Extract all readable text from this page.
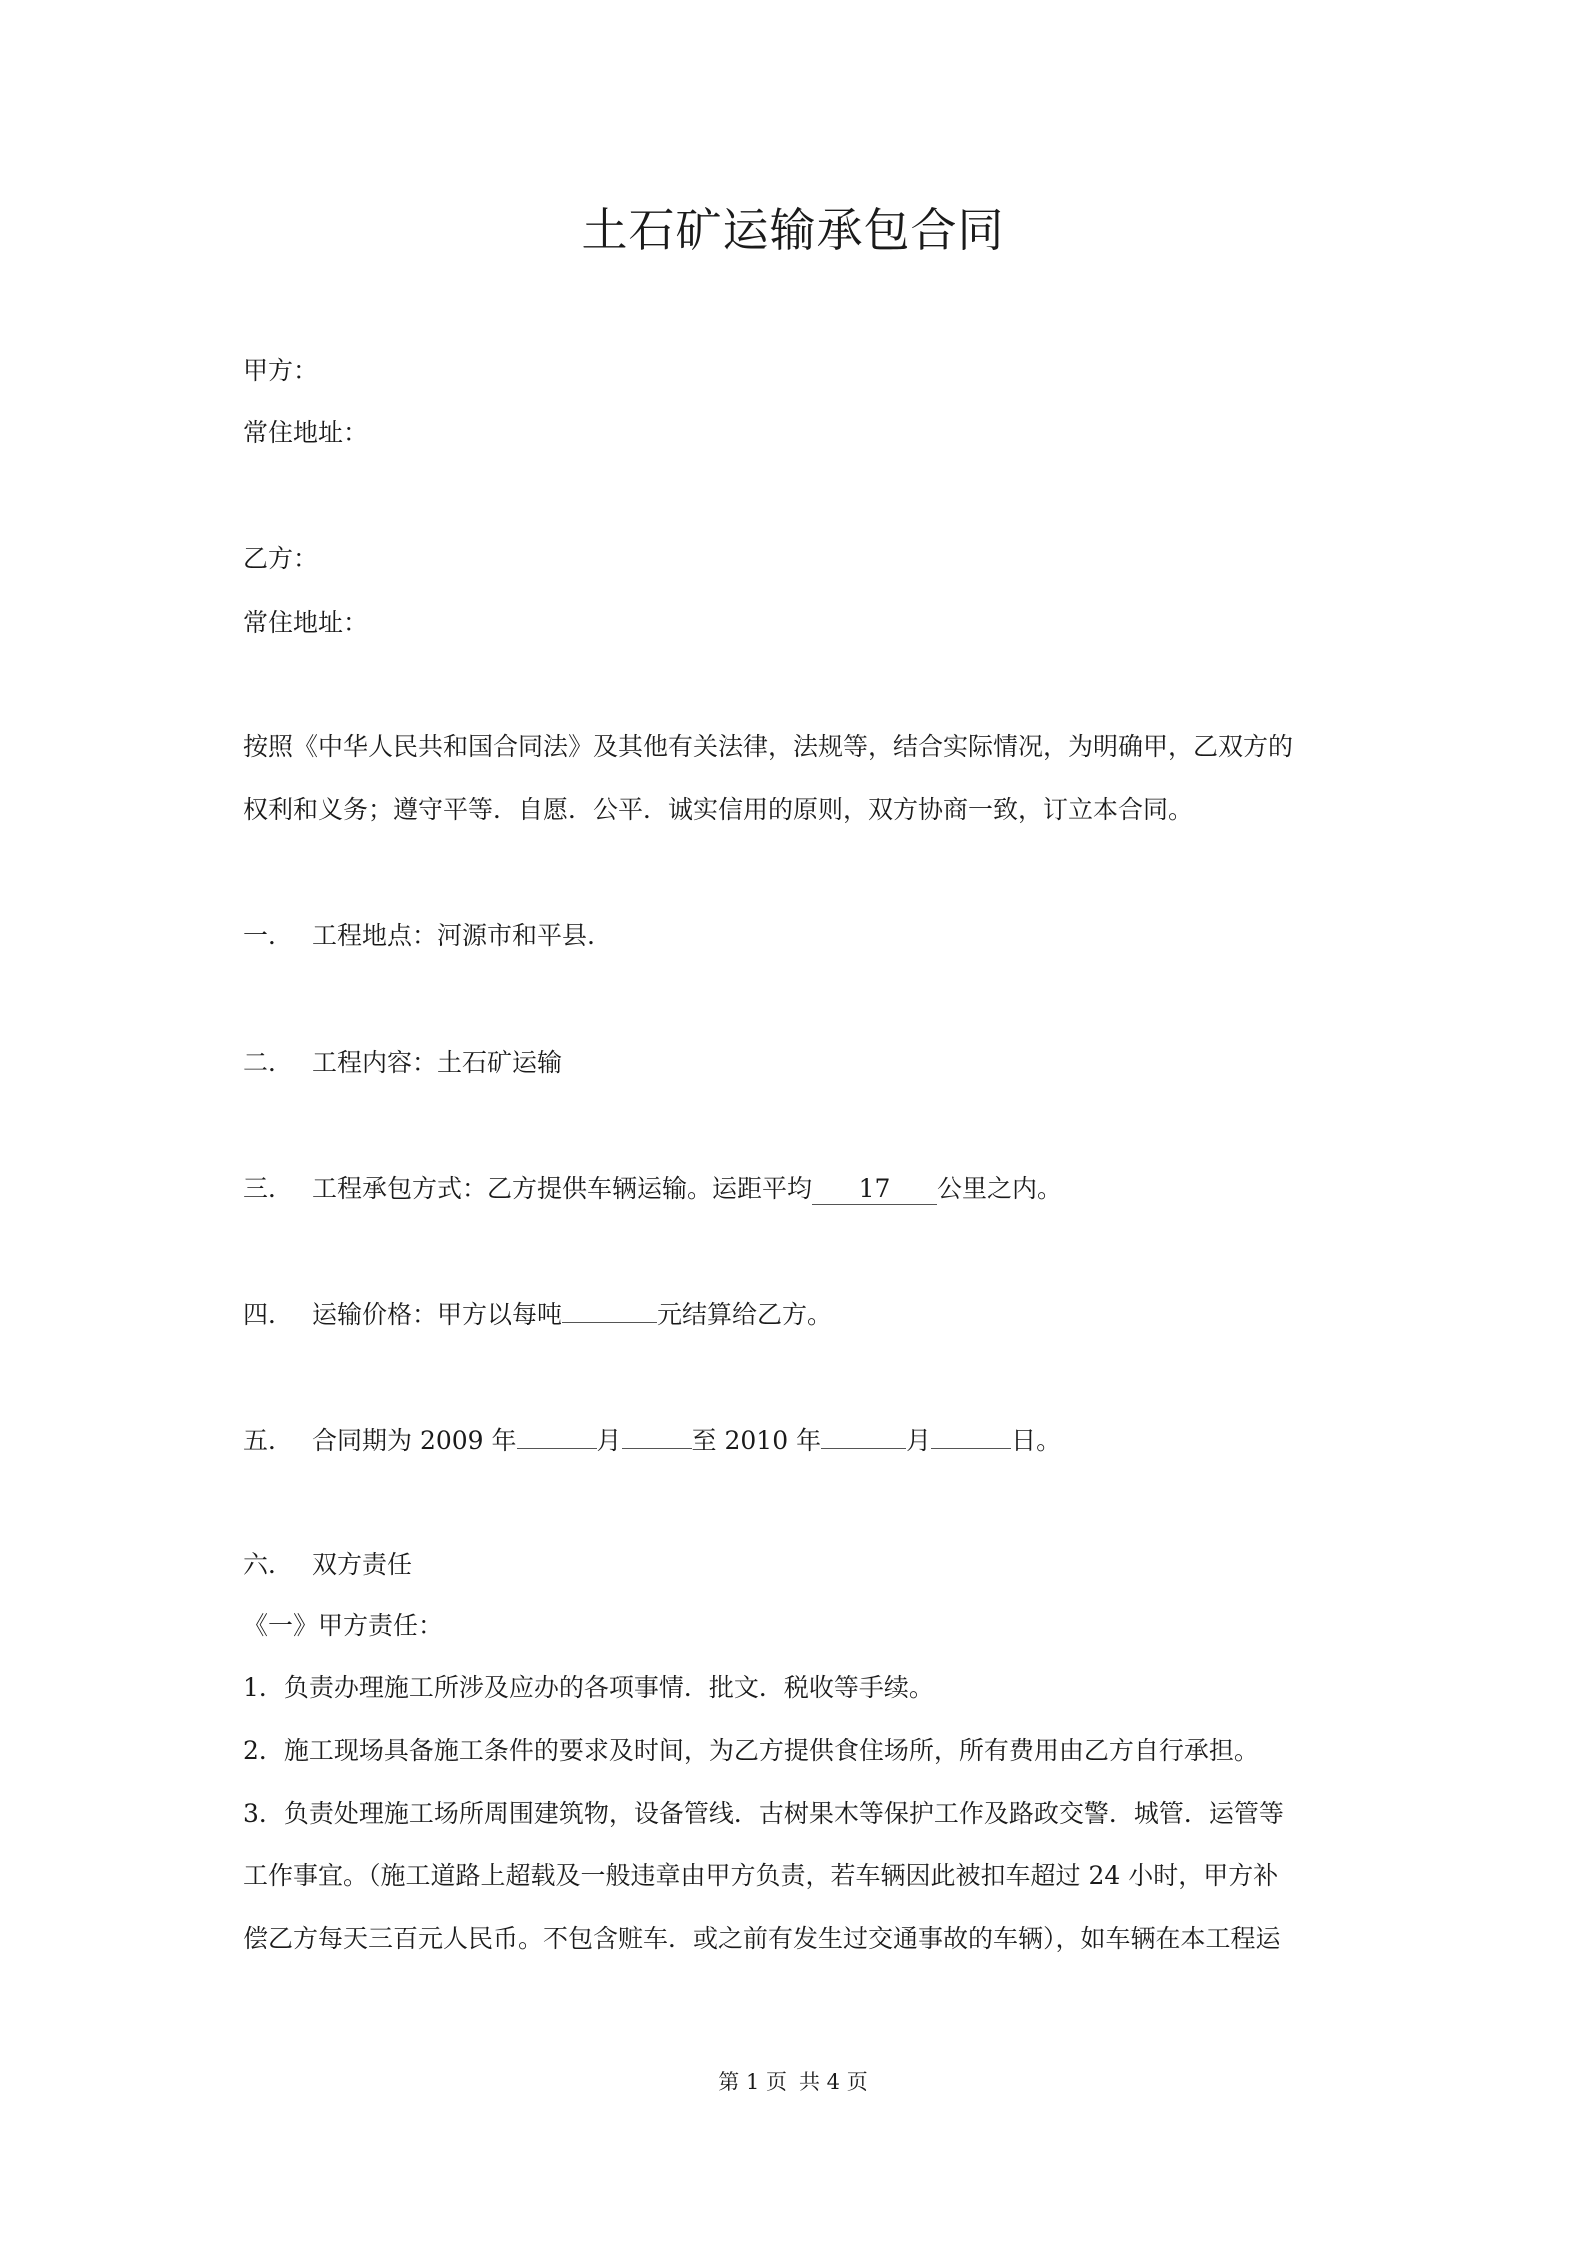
土石矿运输承包合同
甲方：
常住地址：
乙方：
常住地址：
按照《中华人民共和国合同法》及其他有关法律，法规等，结合实际情况，为明确甲，乙双方的
权利和义务；遵守平等．自愿．公平．诚实信用的原则，双方协商一致，订立本合同。
一． 工程地点：河源市和平县.
二． 工程内容：土石矿运输
三． 工程承包方式：乙方提供车辆运输。运距平均 17 公里之内。
四． 运输价格：甲方以每吨	元结算给乙方。
五． 合同期为 2009 年	月	至 2010 年	月	日。
六． 双方责任
《一》甲方责任：
1．负责办理施工所涉及应办的各项事情．批文．税收等手续。
2．施工现场具备施工条件的要求及时间，为乙方提供食住场所，所有费用由乙方自行承担。
3．负责处理施工场所周围建筑物，设备管线．古树果木等保护工作及路政交警．城管．运管等
工作事宜。（施工道路上超载及一般违章由甲方负责，若车辆因此被扣车超过 24 小时，甲方补
偿乙方每天三百元人民币。不包含赃车．或之前有发生过交通事故的车辆），如车辆在本工程运
第 1 页 共 4 页
